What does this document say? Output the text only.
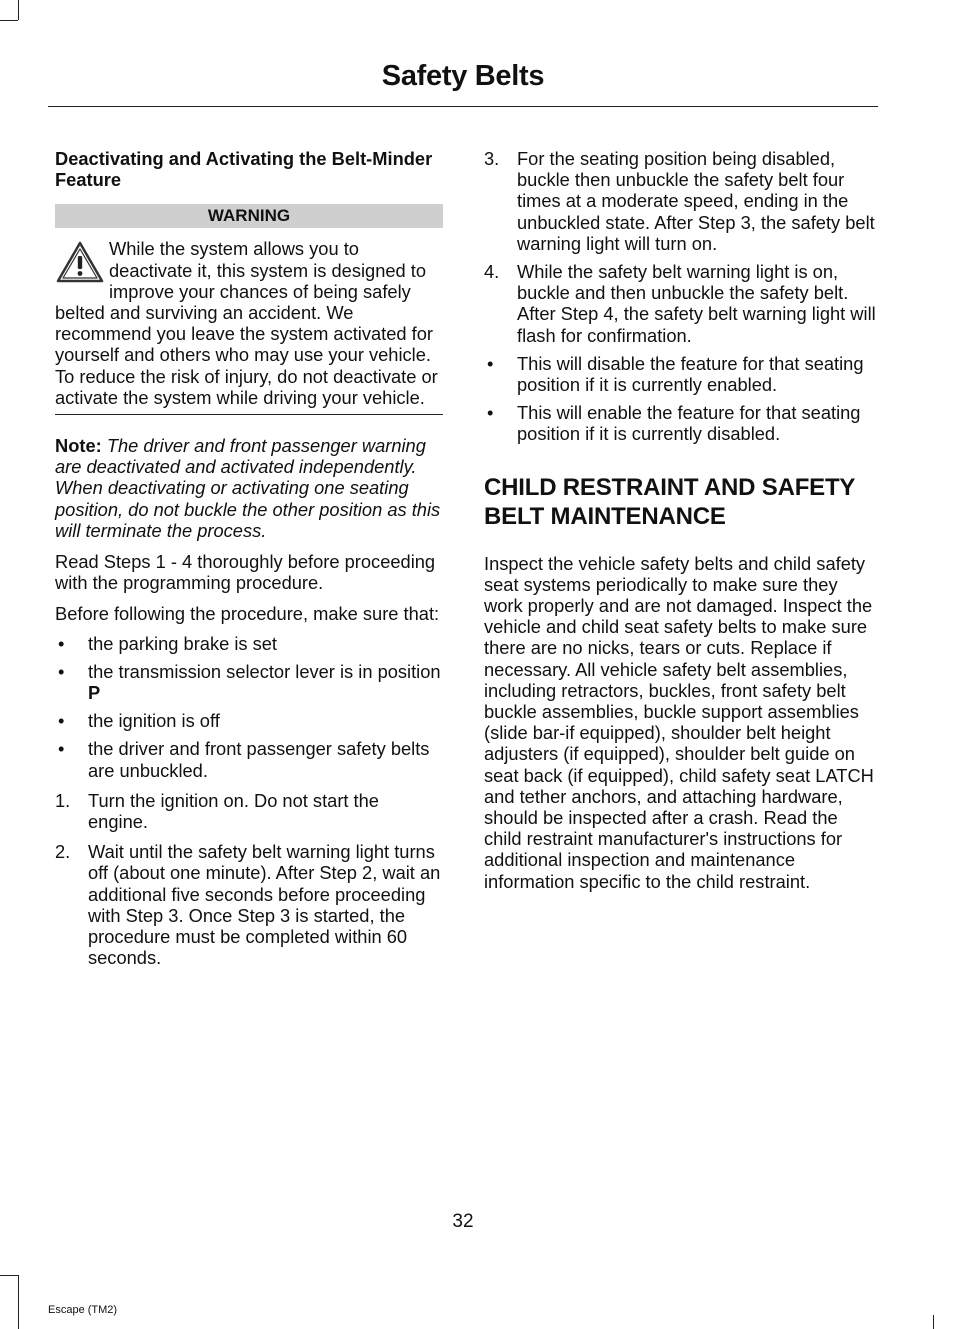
Safety Belts

Deactivating and Activating the Belt-Minder Feature

WARNING
While the system allows you to deactivate it, this system is designed to improve your chances of being safely belted and surviving an accident. We recommend you leave the system activated for yourself and others who may use your vehicle. To reduce the risk of injury, do not deactivate or activate the system while driving your vehicle.

Note: The driver and front passenger warning are deactivated and activated independently. When deactivating or activating one seating position, do not buckle the other position as this will terminate the process.

Read Steps 1 - 4 thoroughly before proceeding with the programming procedure.

Before following the procedure, make sure that:

• the parking brake is set
• the transmission selector lever is in position P
• the ignition is off
• the driver and front passenger safety belts are unbuckled.
1. Turn the ignition on. Do not start the engine.
2. Wait until the safety belt warning light turns off (about one minute). After Step 2, wait an additional five seconds before proceeding with Step 3. Once Step 3 is started, the procedure must be completed within 60 seconds.
3. For the seating position being disabled, buckle then unbuckle the safety belt four times at a moderate speed, ending in the unbuckled state. After Step 3, the safety belt warning light will turn on.
4. While the safety belt warning light is on, buckle and then unbuckle the safety belt. After Step 4, the safety belt warning light will flash for confirmation.
• This will disable the feature for that seating position if it is currently enabled.
• This will enable the feature for that seating position if it is currently disabled.
CHILD RESTRAINT AND SAFETY BELT MAINTENANCE

Inspect the vehicle safety belts and child safety seat systems periodically to make sure they work properly and are not damaged. Inspect the vehicle and child seat safety belts to make sure there are no nicks, tears or cuts. Replace if necessary. All vehicle safety belt assemblies, including retractors, buckles, front safety belt buckle assemblies, buckle support assemblies (slide bar-if equipped), shoulder belt height adjusters (if equipped), shoulder belt guide on seat back (if equipped), child safety seat LATCH and tether anchors, and attaching hardware, should be inspected after a crash. Read the child restraint manufacturer's instructions for additional inspection and maintenance information specific to the child restraint.

32
Escape (TM2)
